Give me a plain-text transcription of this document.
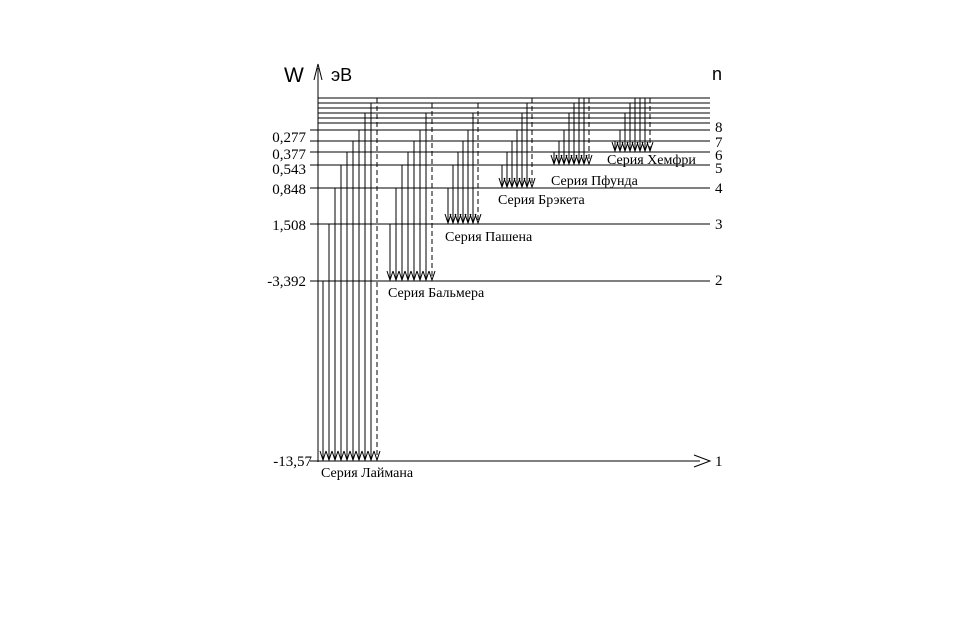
W эВ	n
0,277
0,377
0,543
0,848
1,508
-3,392
-13,57
8
7
6
5
4
3
2
1
Серия Лаймана
Серия Бальмера
Серия Пашена
Серия Брэкета
Серия Пфунда
Серия Хемфри
